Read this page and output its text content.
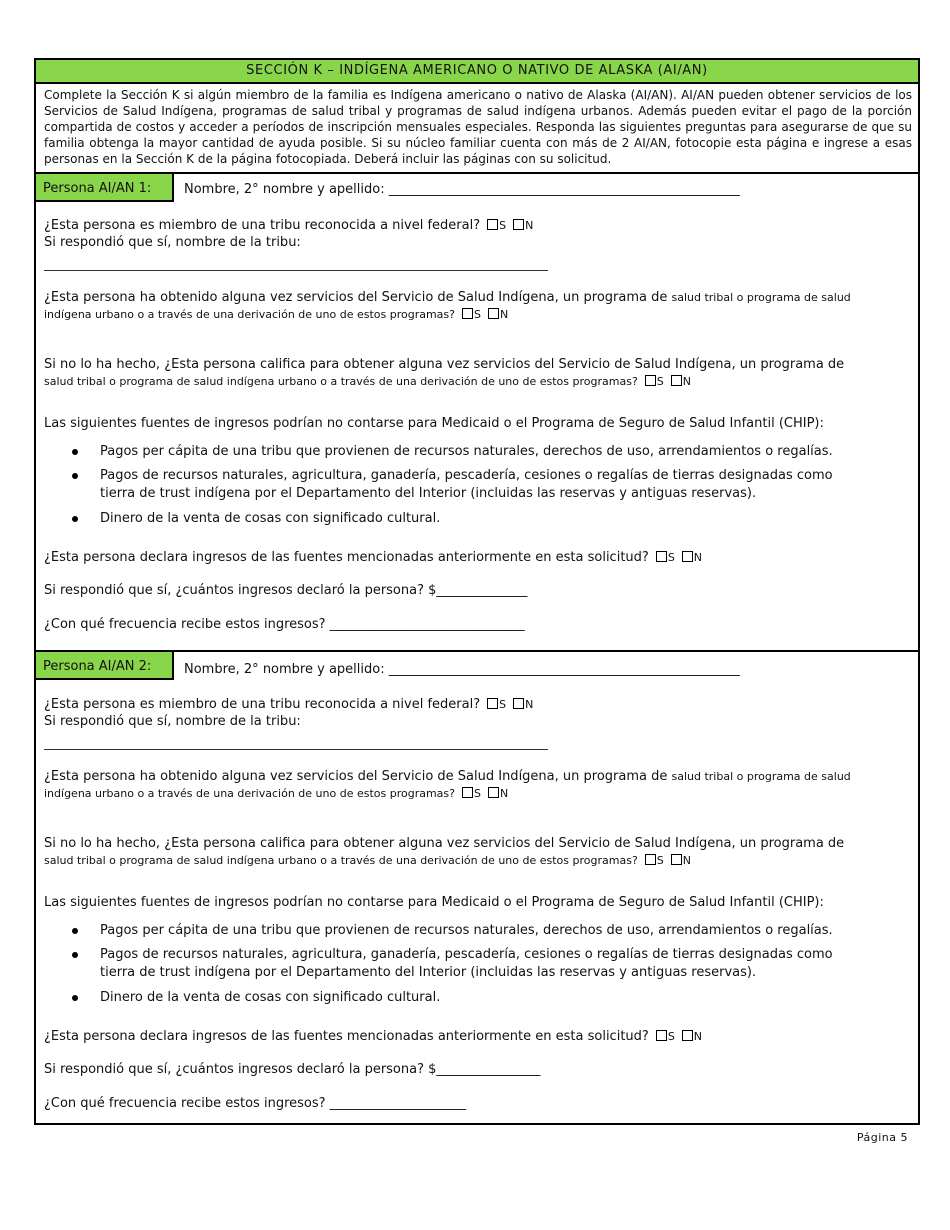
SECCIÓN K – INDÍGENA AMERICANO O NATIVO DE ALASKA (AI/AN)
Complete la Sección K si algún miembro de la familia es Indígena americano o nativo de Alaska (AI/AN). AI/AN pueden obtener servicios de los Servicios de Salud Indígena, programas de salud tribal y programas de salud indígena urbanos. Además pueden evitar el pago de la porción compartida de costos y acceder a períodos de inscripción mensuales especiales. Responda las siguientes preguntas para asegurarse de que su familia obtenga la mayor cantidad de ayuda posible. Si su núcleo familiar cuenta con más de 2 AI/AN, fotocopie esta página e ingrese a esas personas en la Sección K de la página fotocopiada. Deberá incluir las páginas con su solicitud.
Persona AI/AN 1:	Nombre, 2° nombre y apellido: ______________________________________________________
¿Esta persona es miembro de una tribu reconocida a nivel federal? S N
Si respondió que sí, nombre de la tribu:
____________________________________________________________________________________
¿Esta persona ha obtenido alguna vez servicios del Servicio de Salud Indígena, un programa de salud tribal o programa de salud
indígena urbano o a través de una derivación de uno de estos programas? S N
Si no lo ha hecho, ¿Esta persona califica para obtener alguna vez servicios del Servicio de Salud Indígena, un programa de
salud tribal o programa de salud indígena urbano o a través de una derivación de uno de estos programas? S N
Las siguientes fuentes de ingresos podrían no contarse para Medicaid o el Programa de Seguro de Salud Infantil (CHIP):
Pagos per cápita de una tribu que provienen de recursos naturales, derechos de uso, arrendamientos o regalías.
Pagos de recursos naturales, agricultura, ganadería, pescadería, cesiones o regalías de tierras designadas como
tierra de trust indígena por el Departamento del Interior (incluidas las reservas y antiguas reservas).
Dinero de la venta de cosas con significado cultural.
¿Esta persona declara ingresos de las fuentes mencionadas anteriormente en esta solicitud? S N
Si respondió que sí, ¿cuántos ingresos declaró la persona? $______________
¿Con qué frecuencia recibe estos ingresos? ______________________________
Persona AI/AN 2:	Nombre, 2° nombre y apellido: ______________________________________________________
¿Esta persona es miembro de una tribu reconocida a nivel federal? S N
Si respondió que sí, nombre de la tribu:
____________________________________________________________________________________
¿Esta persona ha obtenido alguna vez servicios del Servicio de Salud Indígena, un programa de salud tribal o programa de salud
indígena urbano o a través de una derivación de uno de estos programas? S N
Si no lo ha hecho, ¿Esta persona califica para obtener alguna vez servicios del Servicio de Salud Indígena, un programa de
salud tribal o programa de salud indígena urbano o a través de una derivación de uno de estos programas? S N
Las siguientes fuentes de ingresos podrían no contarse para Medicaid o el Programa de Seguro de Salud Infantil (CHIP):
Pagos per cápita de una tribu que provienen de recursos naturales, derechos de uso, arrendamientos o regalías.
Pagos de recursos naturales, agricultura, ganadería, pescadería, cesiones o regalías de tierras designadas como
tierra de trust indígena por el Departamento del Interior (incluidas las reservas y antiguas reservas).
Dinero de la venta de cosas con significado cultural.
¿Esta persona declara ingresos de las fuentes mencionadas anteriormente en esta solicitud? S N
Si respondió que sí, ¿cuántos ingresos declaró la persona? $________________
¿Con qué frecuencia recibe estos ingresos? _____________________
Página 5
